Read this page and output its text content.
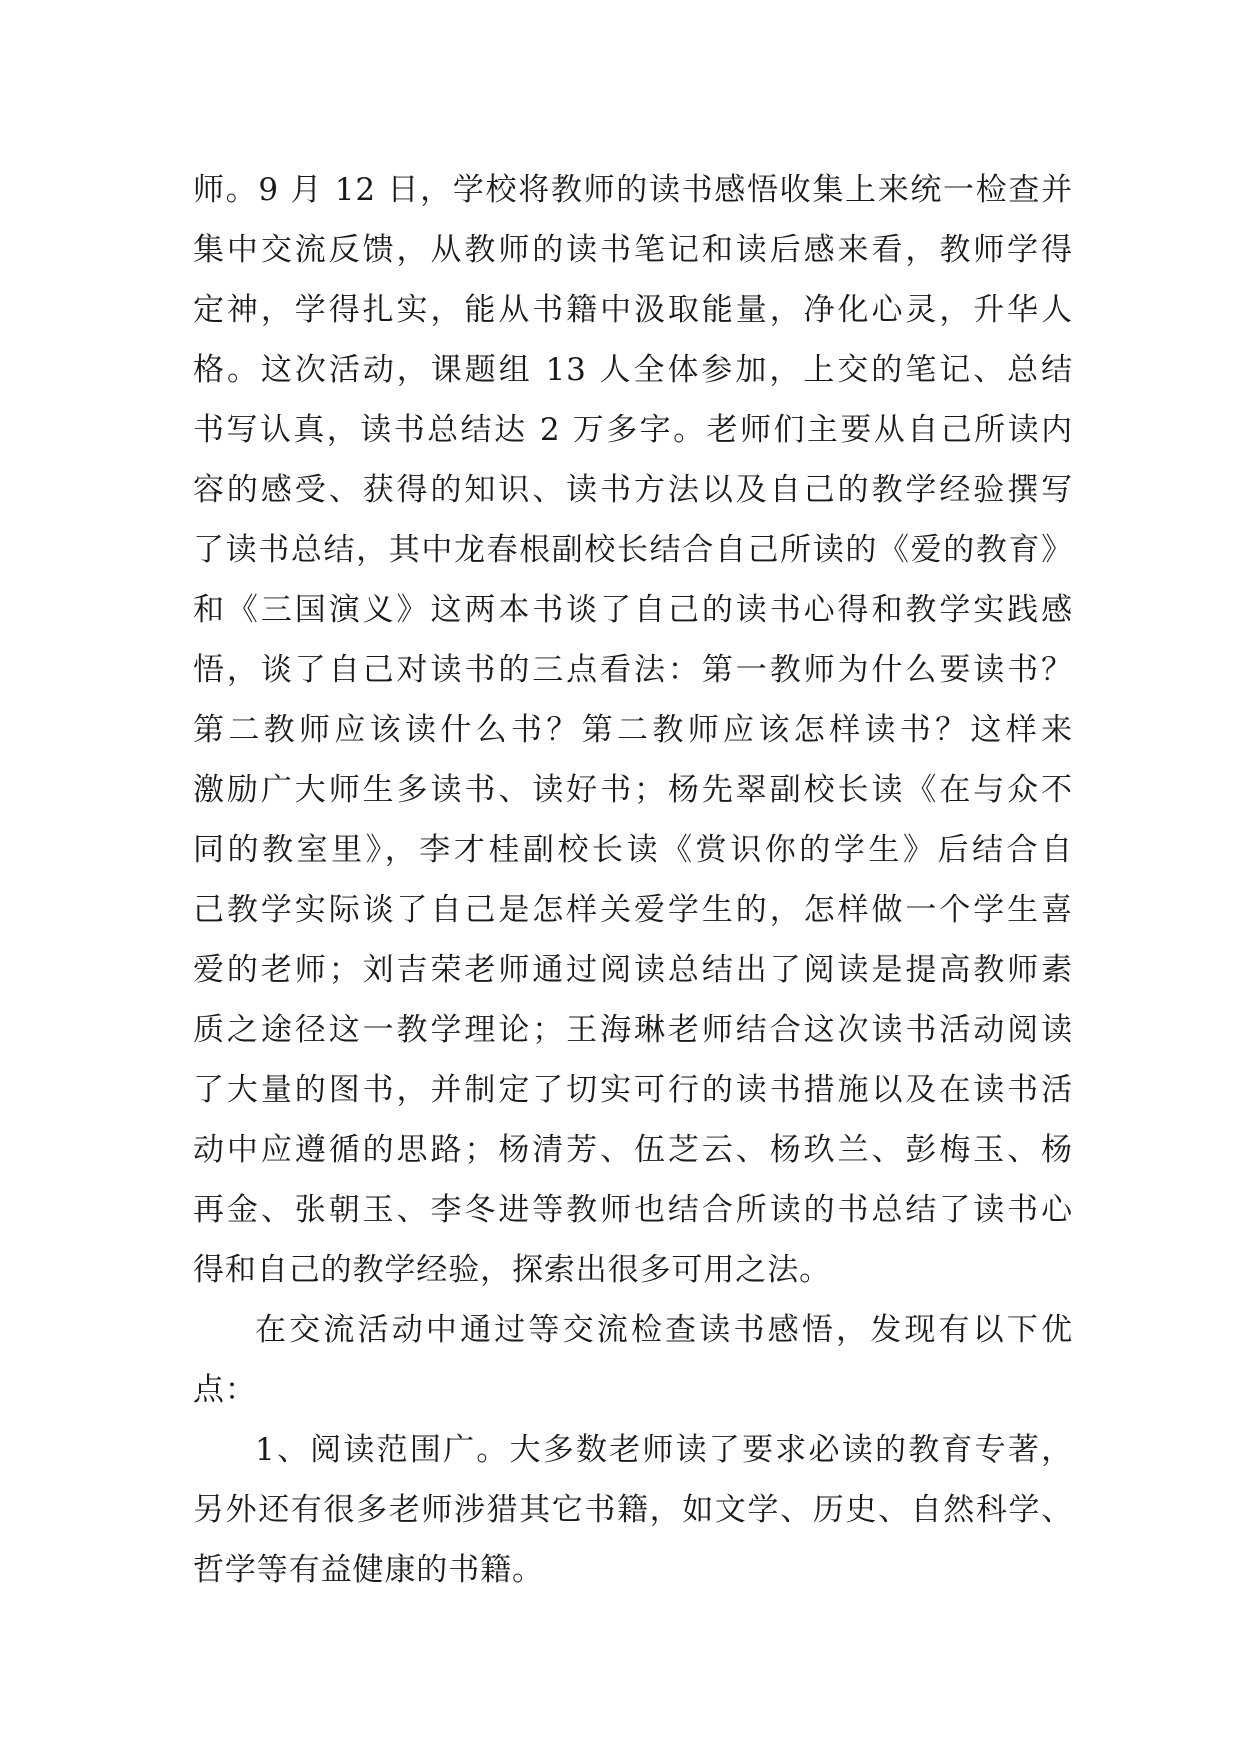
师。9 月 12 日，学校将教师的读书感悟收集上来统一检查并
集中交流反馈，从教师的读书笔记和读后感来看，教师学得
定神，学得扎实，能从书籍中汲取能量，净化心灵，升华人
格。这次活动，课题组 13 人全体参加，上交的笔记、总结
书写认真，读书总结达 2 万多字。老师们主要从自己所读内
容的感受、获得的知识、读书方法以及自己的教学经验撰写
了读书总结，其中龙春根副校长结合自己所读的《爱的教育》
和《三国演义》这两本书谈了自己的读书心得和教学实践感
悟，谈了自己对读书的三点看法：第一教师为什么要读书？
第二教师应该读什么书？第二教师应该怎样读书？这样来
激励广大师生多读书、读好书；杨先翠副校长读《在与众不
同的教室里》，李才桂副校长读《赏识你的学生》后结合自
己教学实际谈了自己是怎样关爱学生的，怎样做一个学生喜
爱的老师；刘吉荣老师通过阅读总结出了阅读是提高教师素
质之途径这一教学理论；王海琳老师结合这次读书活动阅读
了大量的图书，并制定了切实可行的读书措施以及在读书活
动中应遵循的思路；杨清芳、伍芝云、杨玖兰、彭梅玉、杨
再金、张朝玉、李冬进等教师也结合所读的书总结了读书心
得和自己的教学经验，探索出很多可用之法。
在交流活动中通过等交流检查读书感悟，发现有以下优
点：
1、阅读范围广。大多数老师读了要求必读的教育专著，
另外还有很多老师涉猎其它书籍，如文学、历史、自然科学、
哲学等有益健康的书籍。
